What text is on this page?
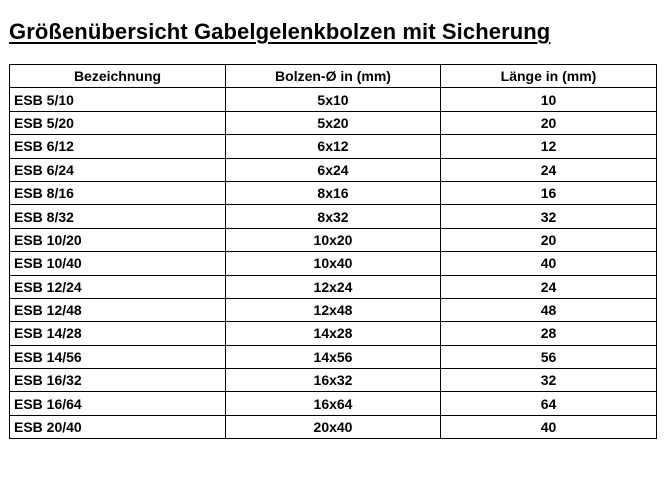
Größenübersicht Gabelgelenkbolzen mit Sicherung
Bezeichnung	Bolzen-Ø in (mm)	Länge in (mm)
ESB 5/10	5x10	10
ESB 5/20	5x20	20
ESB 6/12	6x12	12
ESB 6/24	6x24	24
ESB 8/16	8x16	16
ESB 8/32	8x32	32
ESB 10/20	10x20	20
ESB 10/40	10x40	40
ESB 12/24	12x24	24
ESB 12/48	12x48	48
ESB 14/28	14x28	28
ESB 14/56	14x56	56
ESB 16/32	16x32	32
ESB 16/64	16x64	64
ESB 20/40	20x40	40
